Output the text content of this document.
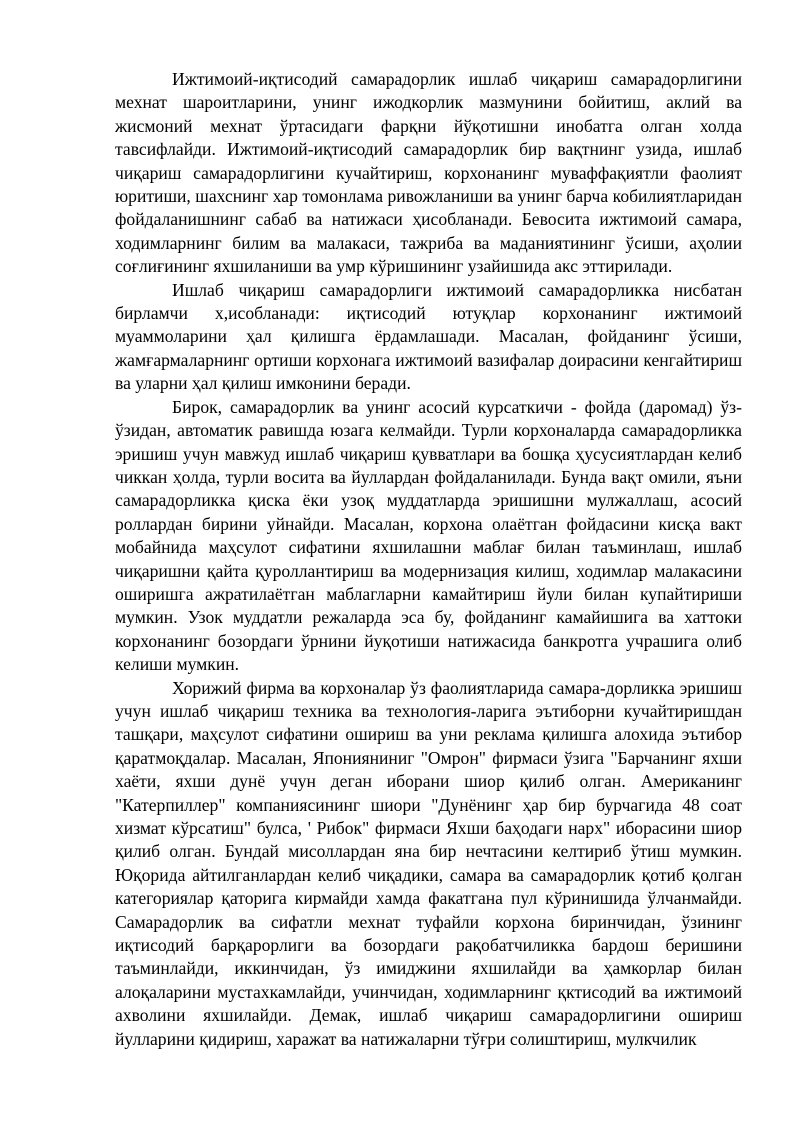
Ижтимоий-иқтисодий самарадорлик ишлаб чиқариш самарадорлигини мехнат шароитларини, унинг ижодкорлик мазмунини бойитиш, аклий ва жисмоний мехнат ўртасидаги фарқни йўқотишни инобатга олган холда тавсифлайди. Ижтимоий-иқтисодий самарадорлик бир вақтнинг узида, ишлаб чиқариш самарадорлигини кучайтириш, корхонанинг муваффақиятли фаолият юритиши, шахснинг хар томонлама ривожланиши ва унинг барча кобилиятларидан фойдаланишнинг сабаб ва натижаси ҳисобланади. Бевосита ижтимоий самара, ходимларнинг билим ва малакаси, тажриба ва маданиятининг ўсиши, аҳолии соғлиғининг яхшиланиши ва умр кўришининг узайишида акс эттирилади.

Ишлаб чиқариш самарадорлиги ижтимоий самарадорликка нисбатан бирламчи х,исобланади: иқтисодий ютуқлар корхонанинг ижтимоий муаммоларини ҳал қилишга ёрдамлашади. Масалан, фойданинг ўсиши, жамғармаларнинг ортиши корхонага ижтимоий вазифалар доирасини кенгайтириш ва уларни ҳал қилиш имконини беради.

Бирок, самарадорлик ва унинг асосий курсаткичи - фойда (даромад) ўз-ўзидан, автоматик равишда юзага келмайди. Турли корхоналарда самарадорликка эришиш учун мавжуд ишлаб чиқариш қувватлари ва бошқа ҳусусиятлардан келиб чиккан ҳолда, турли восита ва йуллардан фойдаланилади. Бунда вақт омили, яъни самарадорликка қиска ёки узоқ муддатларда эришишни мулжаллаш, асосий роллардан бирини уйнайди. Масалан, корхона олаётган фойдасини кисқа вакт мобайнида маҳсулот сифатини яхшилашни маблағ билан таъминлаш, ишлаб чиқаришни қайта қуроллантириш ва модернизация килиш, ходимлар малакасини оширишга ажратилаётган маблагларни камайтириш йули билан купайтириши мумкин. Узок муддатли режаларда эса бу, фойданинг камайишига ва хаттоки корхонанинг бозордаги ўрнини йуқотиши натижасида банкротга учрашига олиб келиши мумкин.

Хорижий фирма ва корхоналар ўз фаолиятларида самара-дорликка эришиш учун ишлаб чиқариш техника ва технология-ларига эътиборни кучайтиришдан ташқари, маҳсулот сифатини ошириш ва уни реклама қилишга алохида эътибор қаратмоқдалар. Масалан, Японияниниг "Омрон" фирмаси ўзига "Барчанинг яхши хаёти, яхши дунё учун деган иборани шиор қилиб олган. Американинг "Катерпиллер" компаниясининг шиори "Дунёнинг ҳар бир бурчагида 48 соат хизмат кўрсатиш" булса, ' Рибок" фирмаси Яхши баҳодаги нарх" иборасини шиор қилиб олган. Бундай мисоллардан яна бир нечтасини келтириб ўтиш мумкин. Юқорида айтилганлардан келиб чиқадики, самара ва самарадорлик қотиб қолган категориялар қаторига кирмайди хамда факатгана пул кўринишида ўлчанмайди. Самарадорлик ва сифатли мехнат туфайли корхона биринчидан, ўзининг иқтисодий барқарорлиги ва бозордаги рақобатчиликка бардош беришини таъминлайди, иккинчидан, ўз имиджини яхшилайди ва ҳамкорлар билан алоқаларини мустахкамлайди, учинчидан, ходимларнинг қктисодий ва ижтимоий ахволини яхшилайди. Демак, ишлаб чиқариш самарадорлигини ошириш йулларини қидириш, харажат ва натижаларни тўғри солиштириш, мулкчилик
